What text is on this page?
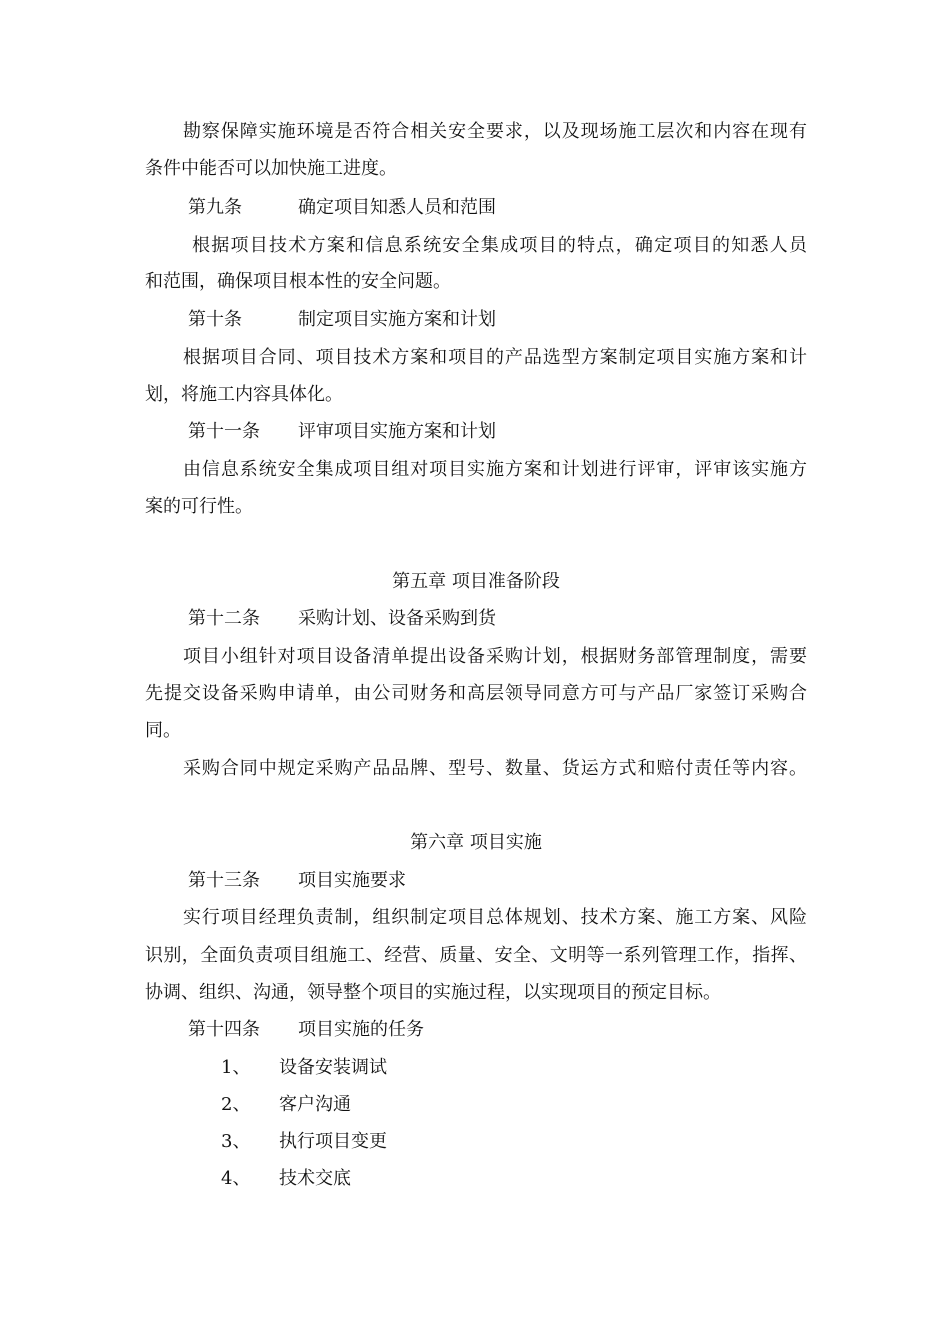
勘察保障实施环境是否符合相关安全要求，以及现场施工层次和内容在现有
条件中能否可以加快施工进度。
第九条	确定项目知悉人员和范围
根据项目技术方案和信息系统安全集成项目的特点，确定项目的知悉人员
和范围，确保项目根本性的安全问题。
第十条	制定项目实施方案和计划
根据项目合同、项目技术方案和项目的产品选型方案制定项目实施方案和计
划，将施工内容具体化。
第十一条 评审项目实施方案和计划
由信息系统安全集成项目组对项目实施方案和计划进行评审，评审该实施方
案的可行性。
第五章 项目准备阶段
第十二条 采购计划、设备采购到货
项目小组针对项目设备清单提出设备采购计划，根据财务部管理制度，需要
先提交设备采购申请单，由公司财务和高层领导同意方可与产品厂家签订采购合
同。
采购合同中规定采购产品品牌、型号、数量、货运方式和赔付责任等内容。
第六章 项目实施
第十三条 项目实施要求
实行项目经理负责制，组织制定项目总体规划、技术方案、施工方案、风险
识别，全面负责项目组施工、经营、质量、安全、文明等一系列管理工作，指挥、
协调、组织、沟通，领导整个项目的实施过程，以实现项目的预定目标。
第十四条 项目实施的任务
1、 设备安装调试
2、 客户沟通
3、 执行项目变更
4、 技术交底
